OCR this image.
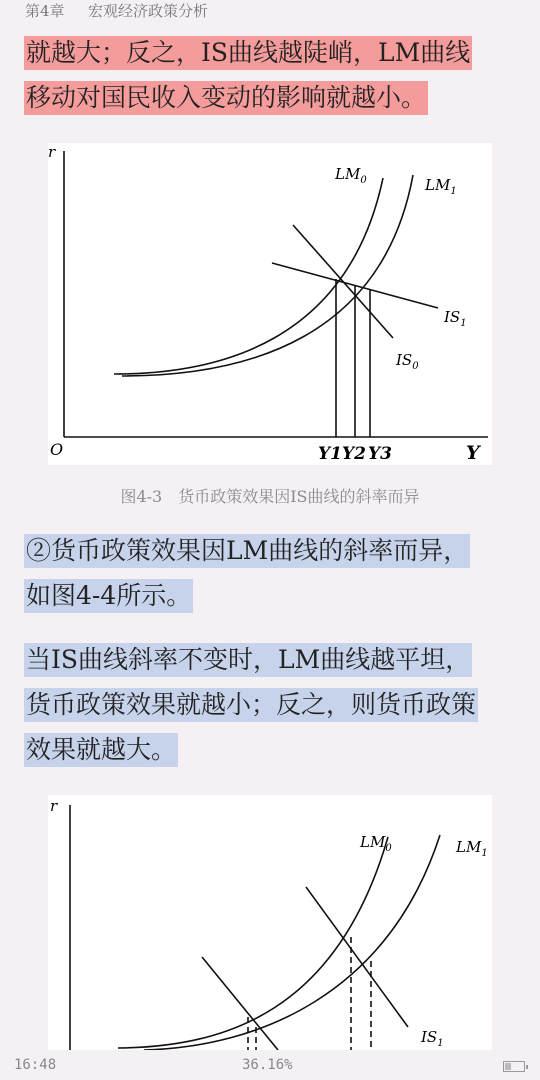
第4章 宏观经济政策分析
就越大；反之，IS曲线越陡峭，LM曲线
移动对国民收入变动的影响就越小。
r
O	Y
$LM_0$	$LM_1$
$IS_1$
$IS_0$
Y1 Y2 Y3
图4-3　货币政策效果因IS曲线的斜率而异
②货币政策效果因LM曲线的斜率而异，
如图4-4所示。
当IS曲线斜率不变时，LM曲线越平坦，
货币政策效果就越小；反之，则货币政策
效果就越大。
r
$LM_0$	$LM_1$
$IS_1$
16:48	36.16%
